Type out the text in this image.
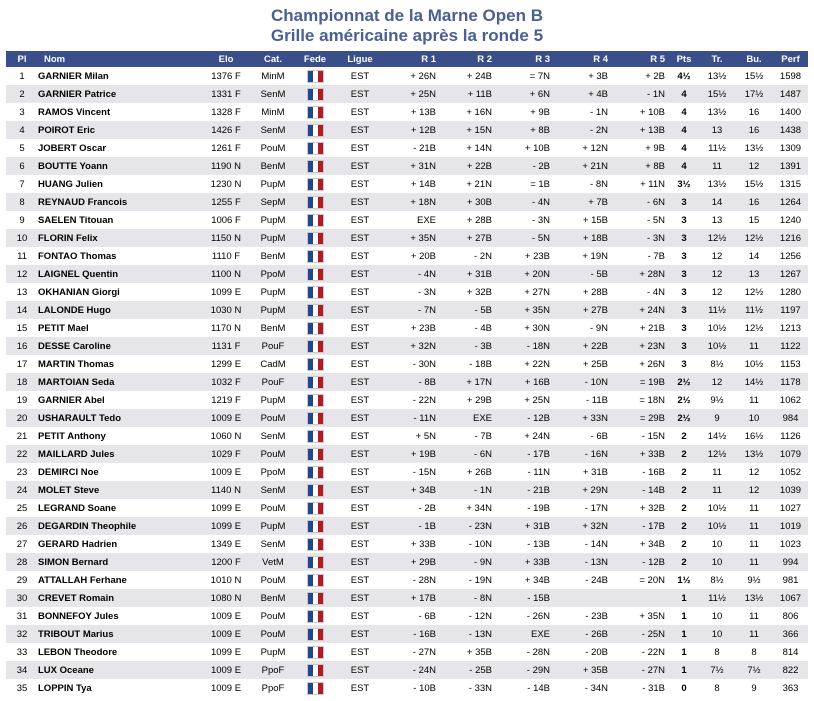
Championnat de la Marne Open B
Grille américaine après la ronde 5
Pl	Nom	Elo	Cat.	Fede	Ligue	R 1	R 2	R 3	R 4	R 5	Pts	Tr.	Bu.	Perf
1	GARNIER Milan	1376 F	MinM		EST	+ 26N	+ 24B	= 7N	+ 3B	+ 2B	4½	13½	15½	1598
2	GARNIER Patrice	1331 F	SenM		EST	+ 25N	+ 11B	+ 6N	+ 4B	- 1N	4	15½	17½	1487
3	RAMOS Vincent	1328 F	MinM		EST	+ 13B	+ 16N	+ 9B	- 1N	+ 10B	4	13½	16	1400
4	POIROT Eric	1426 F	SenM		EST	+ 12B	+ 15N	+ 8B	- 2N	+ 13B	4	13	16	1438
5	JOBERT Oscar	1261 F	PouM		EST	- 21B	+ 14N	+ 10B	+ 12N	+ 9B	4	11½	13½	1309
6	BOUTTE Yoann	1190 N	BenM		EST	+ 31N	+ 22B	- 2B	+ 21N	+ 8B	4	11	12	1391
7	HUANG Julien	1230 N	PupM		EST	+ 14B	+ 21N	= 1B	- 8N	+ 11N	3½	13½	15½	1315
8	REYNAUD Francois	1255 F	SepM		EST	+ 18N	+ 30B	- 4N	+ 7B	- 6N	3	14	16	1264
9	SAELEN Titouan	1006 F	PupM		EST	EXE	+ 28B	- 3N	+ 15B	- 5N	3	13	15	1240
10	FLORIN Felix	1150 N	PupM		EST	+ 35N	+ 27B	- 5N	+ 18B	- 3N	3	12½	12½	1216
11	FONTAO Thomas	1110 F	BenM		EST	+ 20B	- 2N	+ 23B	+ 19N	- 7B	3	12	14	1256
12	LAIGNEL Quentin	1100 N	PpoM		EST	- 4N	+ 31B	+ 20N	- 5B	+ 28N	3	12	13	1267
13	OKHANIAN Giorgi	1099 E	PupM		EST	- 3N	+ 32B	+ 27N	+ 28B	- 4N	3	12	12½	1280
14	LALONDE Hugo	1030 N	PupM		EST	- 7N	- 5B	+ 35N	+ 27B	+ 24N	3	11½	11½	1197
15	PETIT Mael	1170 N	BenM		EST	+ 23B	- 4B	+ 30N	- 9N	+ 21B	3	10½	12½	1213
16	DESSE Caroline	1131 F	PouF		EST	+ 32N	- 3B	- 18N	+ 22B	+ 23N	3	10½	11	1122
17	MARTIN Thomas	1299 E	CadM		EST	- 30N	- 18B	+ 22N	+ 25B	+ 26N	3	8½	10½	1153
18	MARTOIAN Seda	1032 F	PouF		EST	- 8B	+ 17N	+ 16B	- 10N	= 19B	2½	12	14½	1178
19	GARNIER Abel	1219 F	PupM		EST	- 22N	+ 29B	+ 25N	- 11B	= 18N	2½	9½	11	1062
20	USHARAULT Tedo	1009 E	PouM		EST	- 11N	EXE	- 12B	+ 33N	= 29B	2½	9	10	984
21	PETIT Anthony	1060 N	SenM		EST	+ 5N	- 7B	+ 24N	- 6B	- 15N	2	14½	16½	1126
22	MAILLARD Jules	1029 F	PouM		EST	+ 19B	- 6N	- 17B	- 16N	+ 33B	2	12½	13½	1079
23	DEMIRCI Noe	1009 E	PpoM		EST	- 15N	+ 26B	- 11N	+ 31B	- 16B	2	11	12	1052
24	MOLET Steve	1140 N	SenM		EST	+ 34B	- 1N	- 21B	+ 29N	- 14B	2	11	12	1039
25	LEGRAND Soane	1099 E	PouM		EST	- 2B	+ 34N	- 19B	- 17N	+ 32B	2	10½	11	1027
26	DEGARDIN Theophile	1099 E	PupM		EST	- 1B	- 23N	+ 31B	+ 32N	- 17B	2	10½	11	1019
27	GERARD Hadrien	1349 E	SenM		EST	+ 33B	- 10N	- 13B	- 14N	+ 34B	2	10	11	1023
28	SIMON Bernard	1200 F	VetM		EST	+ 29B	- 9N	+ 33B	- 13N	- 12B	2	10	11	994
29	ATTALLAH Ferhane	1010 N	PouM		EST	- 28N	- 19N	+ 34B	- 24B	= 20N	1½	8½	9½	981
30	CREVET Romain	1080 N	BenM		EST	+ 17B	- 8N	- 15B			1	11½	13½	1067
31	BONNEFOY Jules	1009 E	PouM		EST	- 6B	- 12N	- 26N	- 23B	+ 35N	1	10	11	806
32	TRIBOUT Marius	1009 E	PouM		EST	- 16B	- 13N	EXE	- 26B	- 25N	1	10	11	366
33	LEBON Theodore	1099 E	PupM		EST	- 27N	+ 35B	- 28N	- 20B	- 22N	1	8	8	814
34	LUX Oceane	1009 E	PpoF		EST	- 24N	- 25B	- 29N	+ 35B	- 27N	1	7½	7½	822
35	LOPPIN Tya	1009 E	PpoF		EST	- 10B	- 33N	- 14B	- 34N	- 31B	0	8	9	363
